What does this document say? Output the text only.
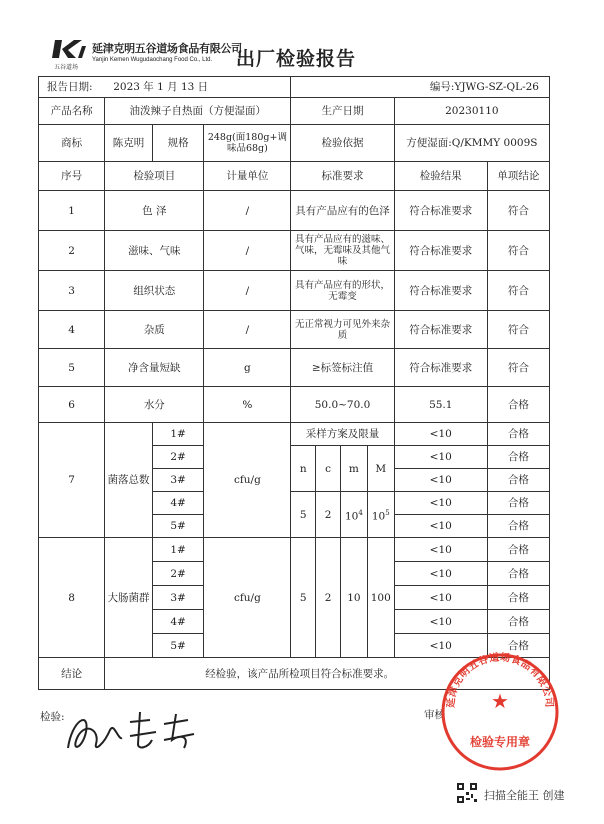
延津克明五谷道场食品有限公司
Yanjin Kemen Wugudaochang Food Co., Ltd.
五谷道场	出厂检验报告
报告日期: 2023 年 1 月 13 日				编号:YJWG-SZ-QL-26					
产品名称	油泼辣子自热面（方便湿面）			生产日期				20230110	
商标	陈克明	规格	248g(面180g+调味品68g)	检验依据				方便湿面:Q/KMMY 0009S	
序号	检验项目		计量单位	标准要求				检验结果	单项结论
1	色 泽		/	具有产品应有的色泽				符合标准要求	符合
2	滋味、气味		/	具有产品应有的滋味、气味，无霉味及其他气味				符合标准要求	符合
3	组织状态		/	具有产品应有的形状，无霉变				符合标准要求	符合
4	杂质		/	无正常视力可见外来杂质				符合标准要求	符合
5	净含量短缺		g	≥标签标注值				符合标准要求	符合
6	水分		%	50.0~70.0				55.1	合格
7	菌落总数	1#	cfu/g	采样方案及限量				<10	合格
		2#		n	c	m	M	<10	合格
		3#						<10	合格
		4#		5	2	$10^4$	$10^5$	<10	合格
		5#						<10	合格
8	大肠菌群	1#	cfu/g	5	2	10	100	<10	合格
		2#						<10	合格
		3#						<10	合格
		4#						<10	合格
		5#						<10	合格
结论	经检验，该产品所检项目符合标准要求。								
检验:	审核
延津克明五谷道场食品有限公司
★
检验专用章
扫描全能王 创建
